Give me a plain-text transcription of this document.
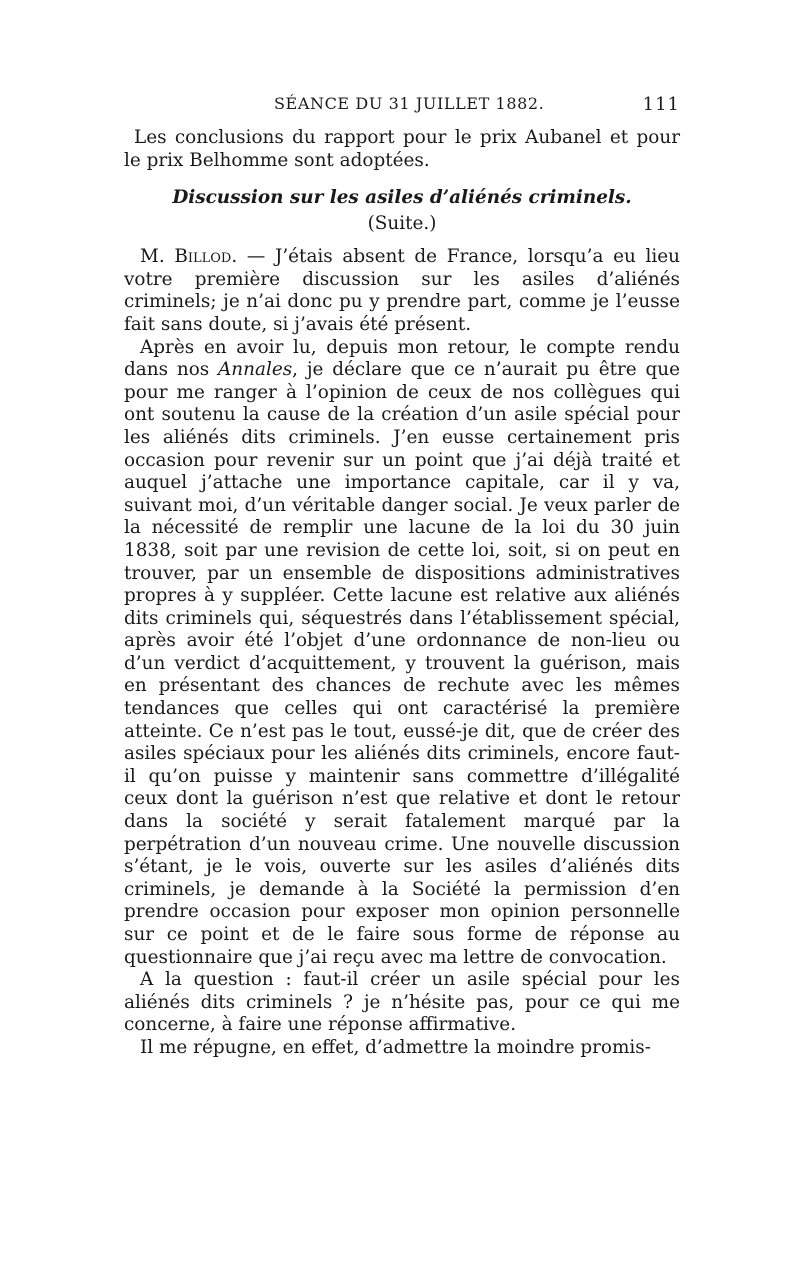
SÉANCE DU 31 JUILLET 1882.	111

Les conclusions du rapport pour le prix Aubanel et pour le prix Belhomme sont adoptées.

Discussion sur les asiles d’aliénés criminels.
(Suite.)

M. Billod. — J’étais absent de France, lorsqu’a eu lieu votre première discussion sur les asiles d’aliénés criminels; je n’ai donc pu y prendre part, comme je l’eusse fait sans doute, si j’avais été présent.

Après en avoir lu, depuis mon retour, le compte rendu dans nos Annales, je déclare que ce n’aurait pu être que pour me ranger à l’opinion de ceux de nos collègues qui ont soutenu la cause de la création d’un asile spécial pour les aliénés dits criminels. J’en eusse certainement pris occasion pour revenir sur un point que j’ai déjà traité et auquel j’attache une importance capitale, car il y va, suivant moi, d’un véritable danger social. Je veux parler de la nécessité de remplir une lacune de la loi du 30 juin 1838, soit par une revision de cette loi, soit, si on peut en trouver, par un ensemble de dispositions administratives propres à y suppléer. Cette lacune est relative aux aliénés dits criminels qui, séquestrés dans l’établissement spécial, après avoir été l’objet d’une ordonnance de non-lieu ou d’un verdict d’acquittement, y trouvent la guérison, mais en présentant des chances de rechute avec les mêmes tendances que celles qui ont caractérisé la première atteinte. Ce n’est pas le tout, eussé-je dit, que de créer des asiles spéciaux pour les aliénés dits criminels, encore faut-il qu’on puisse y maintenir sans commettre d’illégalité ceux dont la guérison n’est que relative et dont le retour dans la société y serait fatalement marqué par la perpétration d’un nouveau crime. Une nouvelle discussion s’étant, je le vois, ouverte sur les asiles d’aliénés dits criminels, je demande à la Société la permission d’en prendre occasion pour exposer mon opinion personnelle sur ce point et de le faire sous forme de réponse au questionnaire que j’ai reçu avec ma lettre de convocation.

A la question : faut-il créer un asile spécial pour les aliénés dits criminels ? je n’hésite pas, pour ce qui me concerne, à faire une réponse affirmative.

Il me répugne, en effet, d’admettre la moindre promis-
